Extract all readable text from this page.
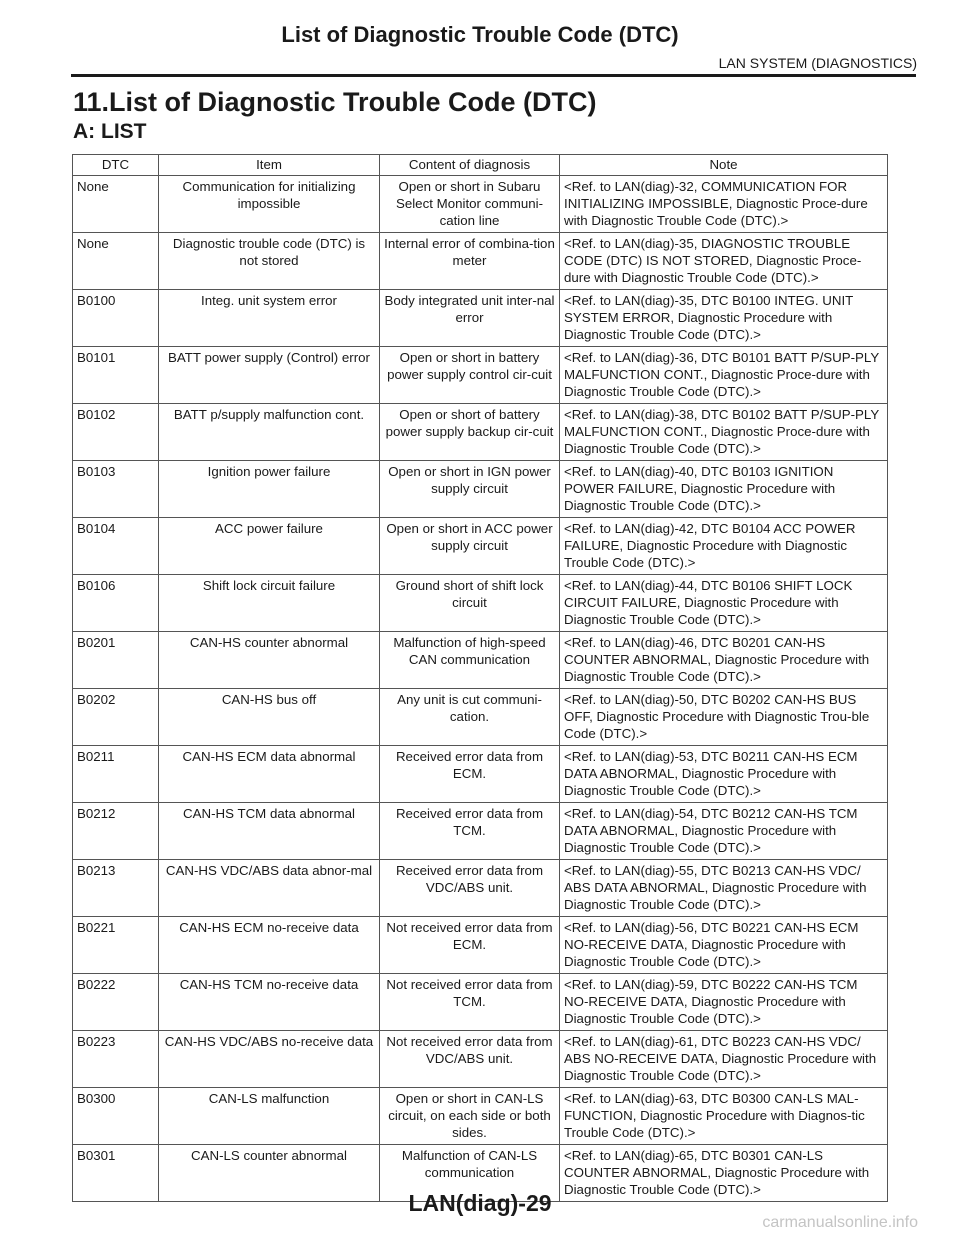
List of Diagnostic Trouble Code (DTC)
LAN SYSTEM (DIAGNOSTICS)
11.List of Diagnostic Trouble Code (DTC)
A: LIST
DTC	Item	Content of diagnosis	Note
None	Communication for initializing impossible	Open or short in Subaru Select Monitor communi-cation line	<Ref. to LAN(diag)-32, COMMUNICATION FOR INITIALIZING IMPOSSIBLE, Diagnostic Proce-dure with Diagnostic Trouble Code (DTC).>
None	Diagnostic trouble code (DTC) is not stored	Internal error of combina-tion meter	<Ref. to LAN(diag)-35, DIAGNOSTIC TROUBLE CODE (DTC) IS NOT STORED, Diagnostic Proce-dure with Diagnostic Trouble Code (DTC).>
B0100	Integ. unit system error	Body integrated unit inter-nal error	<Ref. to LAN(diag)-35, DTC B0100 INTEG. UNIT SYSTEM ERROR, Diagnostic Procedure with Diagnostic Trouble Code (DTC).>
B0101	BATT power supply (Control) error	Open or short in battery power supply control cir-cuit	<Ref. to LAN(diag)-36, DTC B0101 BATT P/SUP-PLY MALFUNCTION CONT., Diagnostic Proce-dure with Diagnostic Trouble Code (DTC).>
B0102	BATT p/supply malfunction cont.	Open or short of battery power supply backup cir-cuit	<Ref. to LAN(diag)-38, DTC B0102 BATT P/SUP-PLY MALFUNCTION CONT., Diagnostic Proce-dure with Diagnostic Trouble Code (DTC).>
B0103	Ignition power failure	Open or short in IGN power supply circuit	<Ref. to LAN(diag)-40, DTC B0103 IGNITION POWER FAILURE, Diagnostic Procedure with Diagnostic Trouble Code (DTC).>
B0104	ACC power failure	Open or short in ACC power supply circuit	<Ref. to LAN(diag)-42, DTC B0104 ACC POWER FAILURE, Diagnostic Procedure with Diagnostic Trouble Code (DTC).>
B0106	Shift lock circuit failure	Ground short of shift lock circuit	<Ref. to LAN(diag)-44, DTC B0106 SHIFT LOCK CIRCUIT FAILURE, Diagnostic Procedure with Diagnostic Trouble Code (DTC).>
B0201	CAN-HS counter abnormal	Malfunction of high-speed CAN communication	<Ref. to LAN(diag)-46, DTC B0201 CAN-HS COUNTER ABNORMAL, Diagnostic Procedure with Diagnostic Trouble Code (DTC).>
B0202	CAN-HS bus off	Any unit is cut communi-cation.	<Ref. to LAN(diag)-50, DTC B0202 CAN-HS BUS OFF, Diagnostic Procedure with Diagnostic Trou-ble Code (DTC).>
B0211	CAN-HS ECM data abnormal	Received error data from ECM.	<Ref. to LAN(diag)-53, DTC B0211 CAN-HS ECM DATA ABNORMAL, Diagnostic Procedure with Diagnostic Trouble Code (DTC).>
B0212	CAN-HS TCM data abnormal	Received error data from TCM.	<Ref. to LAN(diag)-54, DTC B0212 CAN-HS TCM DATA ABNORMAL, Diagnostic Procedure with Diagnostic Trouble Code (DTC).>
B0213	CAN-HS VDC/ABS data abnor-mal	Received error data from VDC/ABS unit.	<Ref. to LAN(diag)-55, DTC B0213 CAN-HS VDC/ ABS DATA ABNORMAL, Diagnostic Procedure with Diagnostic Trouble Code (DTC).>
B0221	CAN-HS ECM no-receive data	Not received error data from ECM.	<Ref. to LAN(diag)-56, DTC B0221 CAN-HS ECM NO-RECEIVE DATA, Diagnostic Procedure with Diagnostic Trouble Code (DTC).>
B0222	CAN-HS TCM no-receive data	Not received error data from TCM.	<Ref. to LAN(diag)-59, DTC B0222 CAN-HS TCM NO-RECEIVE DATA, Diagnostic Procedure with Diagnostic Trouble Code (DTC).>
B0223	CAN-HS VDC/ABS no-receive data	Not received error data from VDC/ABS unit.	<Ref. to LAN(diag)-61, DTC B0223 CAN-HS VDC/ ABS NO-RECEIVE DATA, Diagnostic Procedure with Diagnostic Trouble Code (DTC).>
B0300	CAN-LS malfunction	Open or short in CAN-LS circuit, on each side or both sides.	<Ref. to LAN(diag)-63, DTC B0300 CAN-LS MAL-FUNCTION, Diagnostic Procedure with Diagnos-tic Trouble Code (DTC).>
B0301	CAN-LS counter abnormal	Malfunction of CAN-LS communication	<Ref. to LAN(diag)-65, DTC B0301 CAN-LS COUNTER ABNORMAL, Diagnostic Procedure with Diagnostic Trouble Code (DTC).>
LAN(diag)-29
carmanualsonline.info
